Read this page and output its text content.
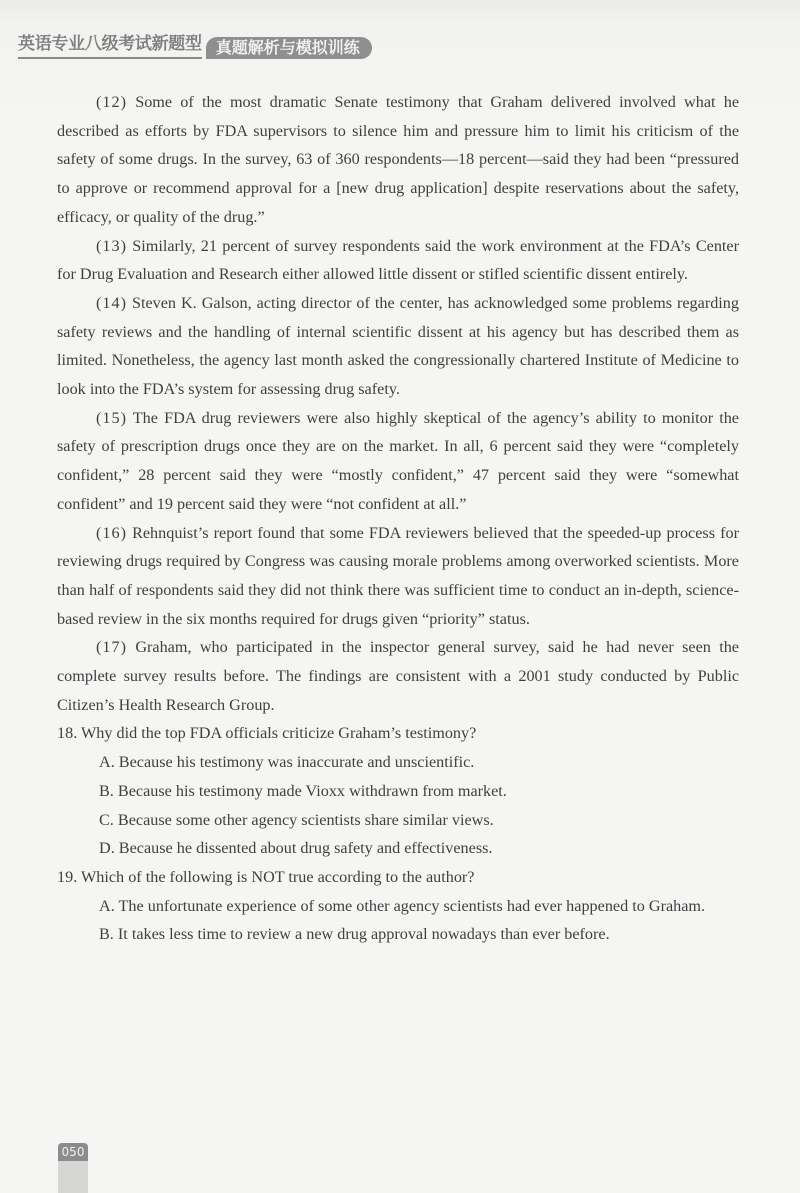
英语专业八级考试新题型 真题解析与模拟训练

(12) Some of the most dramatic Senate testimony that Graham delivered involved what he described as efforts by FDA supervisors to silence him and pressure him to limit his criticism of the safety of some drugs. In the survey, 63 of 360 respondents—18 percent—said they had been “pressured to approve or recommend approval for a [new drug application] despite reservations about the safety, efficacy, or quality of the drug.”

(13) Similarly, 21 percent of survey respondents said the work environment at the FDA’s Center for Drug Evaluation and Research either allowed little dissent or stifled scientific dissent entirely.

(14) Steven K. Galson, acting director of the center, has acknowledged some problems regarding safety reviews and the handling of internal scientific dissent at his agency but has described them as limited. Nonetheless, the agency last month asked the congressionally chartered Institute of Medicine to look into the FDA’s system for assessing drug safety.

(15) The FDA drug reviewers were also highly skeptical of the agency’s ability to monitor the safety of prescription drugs once they are on the market. In all, 6 percent said they were “completely confident,” 28 percent said they were “mostly confident,” 47 percent said they were “somewhat confident” and 19 percent said they were “not confident at all.”

(16) Rehnquist’s report found that some FDA reviewers believed that the speeded-up process for reviewing drugs required by Congress was causing morale problems among overworked scientists. More than half of respondents said they did not think there was sufficient time to conduct an in-depth, science-based review in the six months required for drugs given “priority” status.

(17) Graham, who participated in the inspector general survey, said he had never seen the complete survey results before. The findings are consistent with a 2001 study conducted by Public Citizen’s Health Research Group.

18. Why did the top FDA officials criticize Graham’s testimony?

A. Because his testimony was inaccurate and unscientific.

B. Because his testimony made Vioxx withdrawn from market.

C. Because some other agency scientists share similar views.

D. Because he dissented about drug safety and effectiveness.

19. Which of the following is NOT true according to the author?

A. The unfortunate experience of some other agency scientists had ever happened to Graham.

B. It takes less time to review a new drug approval nowadays than ever before.

050
